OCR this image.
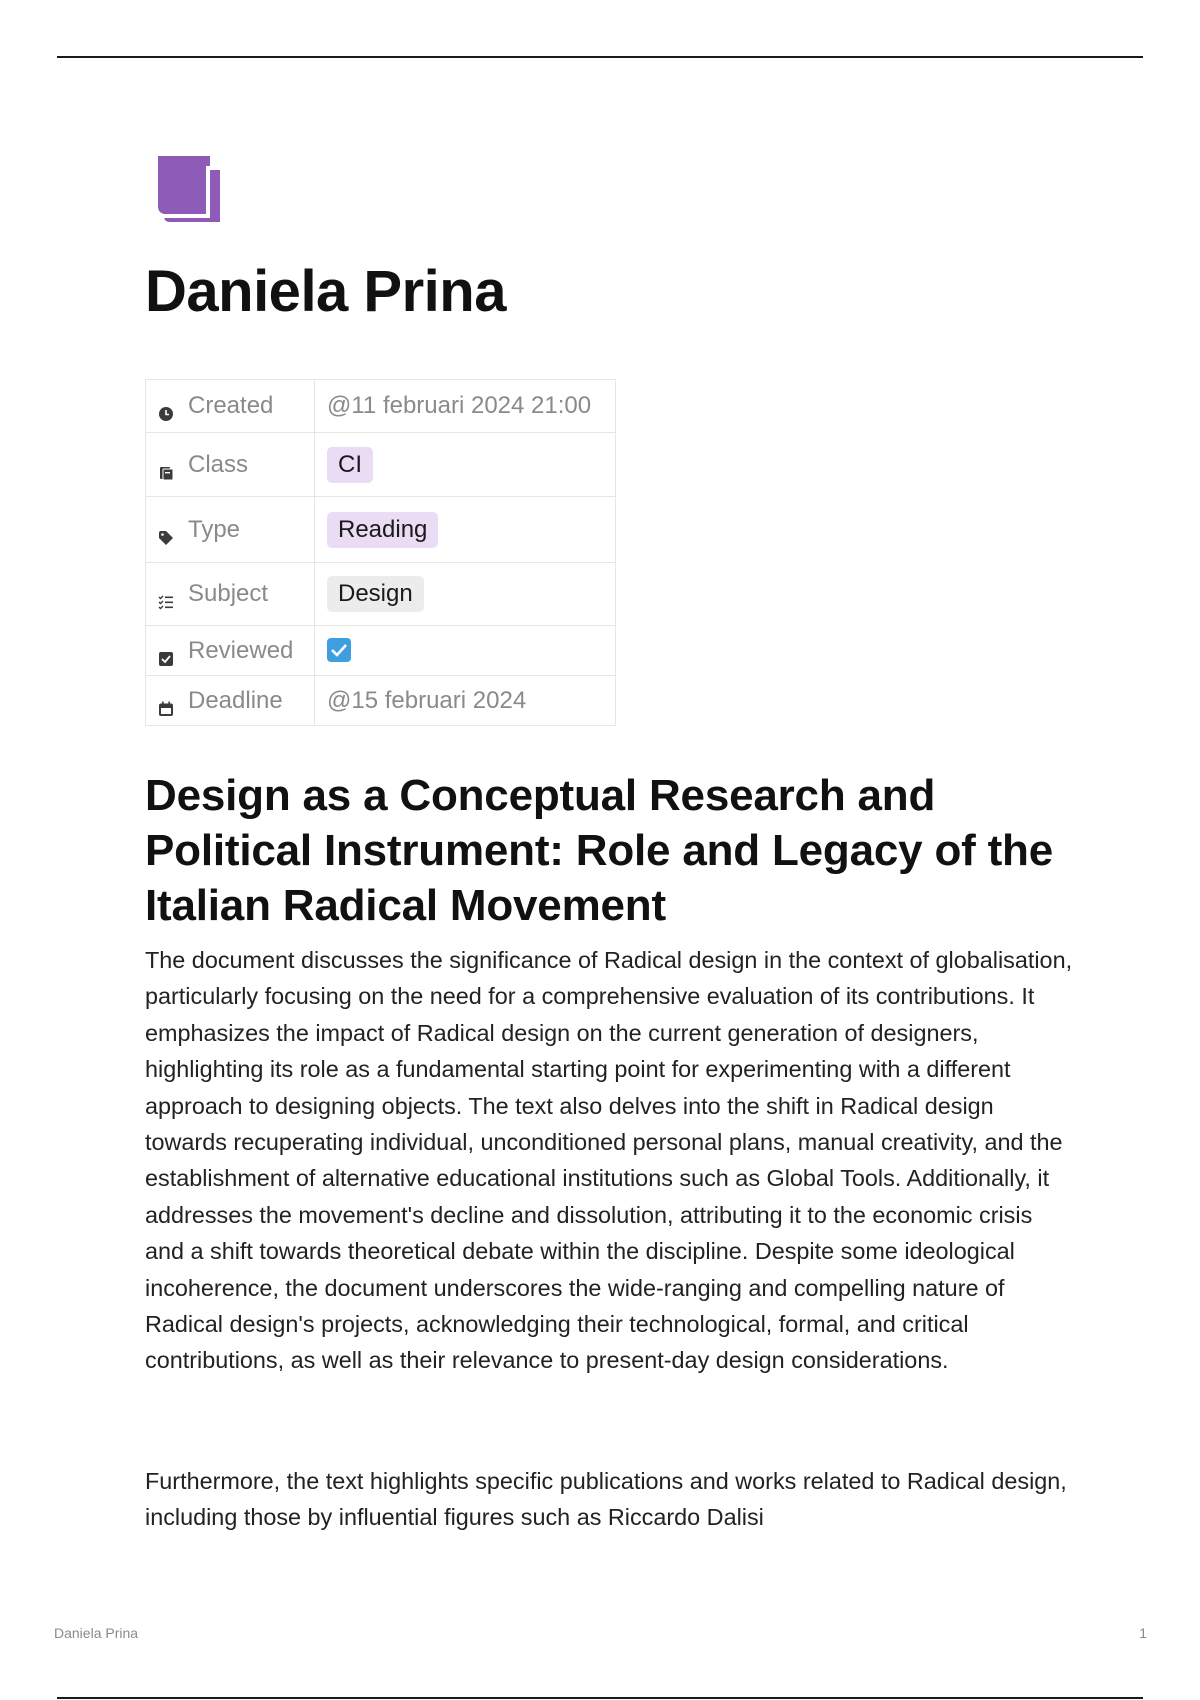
Daniela Prina
Created	@11 februari 2024 21:00

Class	CI

Type	Reading

Subject	Design

Reviewed

Deadline	@15 februari 2024
Design as a Conceptual Research and Political Instrument: Role and Legacy of the Italian Radical Movement

The document discusses the significance of Radical design in the context of globalisation, particularly focusing on the need for a comprehensive evaluation of its contributions. It emphasizes the impact of Radical design on the current generation of designers, highlighting its role as a fundamental starting point for experimenting with a different approach to designing objects. The text also delves into the shift in Radical design towards recuperating individual, unconditioned personal plans, manual creativity, and the establishment of alternative educational institutions such as Global Tools. Additionally, it addresses the movement's decline and dissolution, attributing it to the economic crisis and a shift towards theoretical debate within the discipline. Despite some ideological incoherence, the document underscores the wide-ranging and compelling nature of Radical design's projects, acknowledging their technological, formal, and critical contributions, as well as their relevance to present-day design considerations.

Furthermore, the text highlights specific publications and works related to Radical design, including those by influential figures such as Riccardo Dalisi

Daniela Prina	1
